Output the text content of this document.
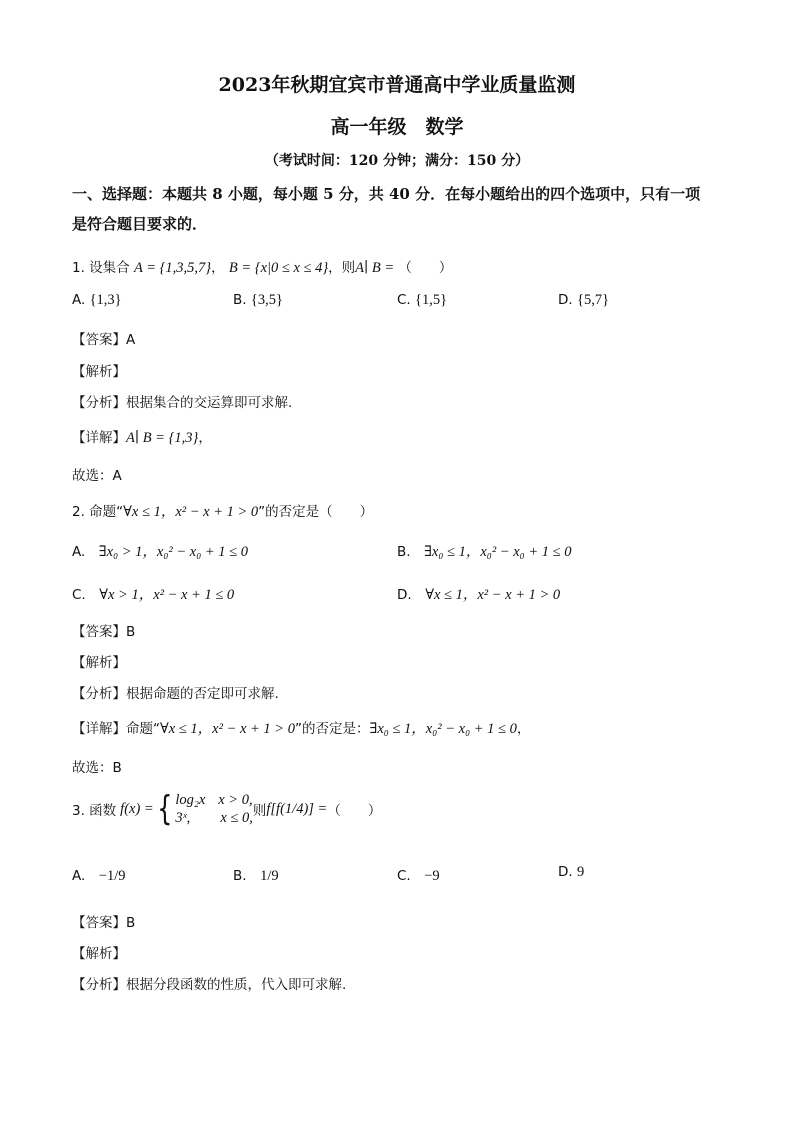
2023年秋期宜宾市普通高中学业质量监测
高一年级　数学
（考试时间：120 分钟；满分：150 分）
一、选择题：本题共 8 小题，每小题 5 分，共 40 分．在每小题给出的四个选项中，只有一项
是符合题目要求的．
1. 设集合 A = {1,3,5,7}， B = {x|0 ≤ x ≤ 4}，则A∣ B = （　　）
A. {1,3}	B. {3,5}	C. {1,5}	D. {5,7}
【答案】A
【解析】
【分析】根据集合的交运算即可求解.
【详解】A∣ B = {1,3}，
故选：A
2. 命题“∀x ≤ 1，x² − x + 1 > 0”的否定是（　　）
A.　 ∃x₀ > 1，x₀² − x₀ + 1 ≤ 0	B.　 ∃x₀ ≤ 1，x₀² − x₀ + 1 ≤ 0
C.　 ∀x > 1，x² − x + 1 ≤ 0	D.　 ∀x ≤ 1，x² − x + 1 > 0
【答案】B
【解析】
【分析】根据命题的否定即可求解.
【详解】命题“∀x ≤ 1，x² − x + 1 > 0”的否定是：∃x₀ ≤ 1，x₀² − x₀ + 1 ≤ 0，
故选：B
3. 函数 f(x) = { log₂x x > 0,
3ˣ, x ≤ 0, 则 f[f(1/4)] = （　　）
A.　 −1/9	B.　 1/9	C.　 −9	D. 9
【答案】B
【解析】
【分析】根据分段函数的性质，代入即可求解.
